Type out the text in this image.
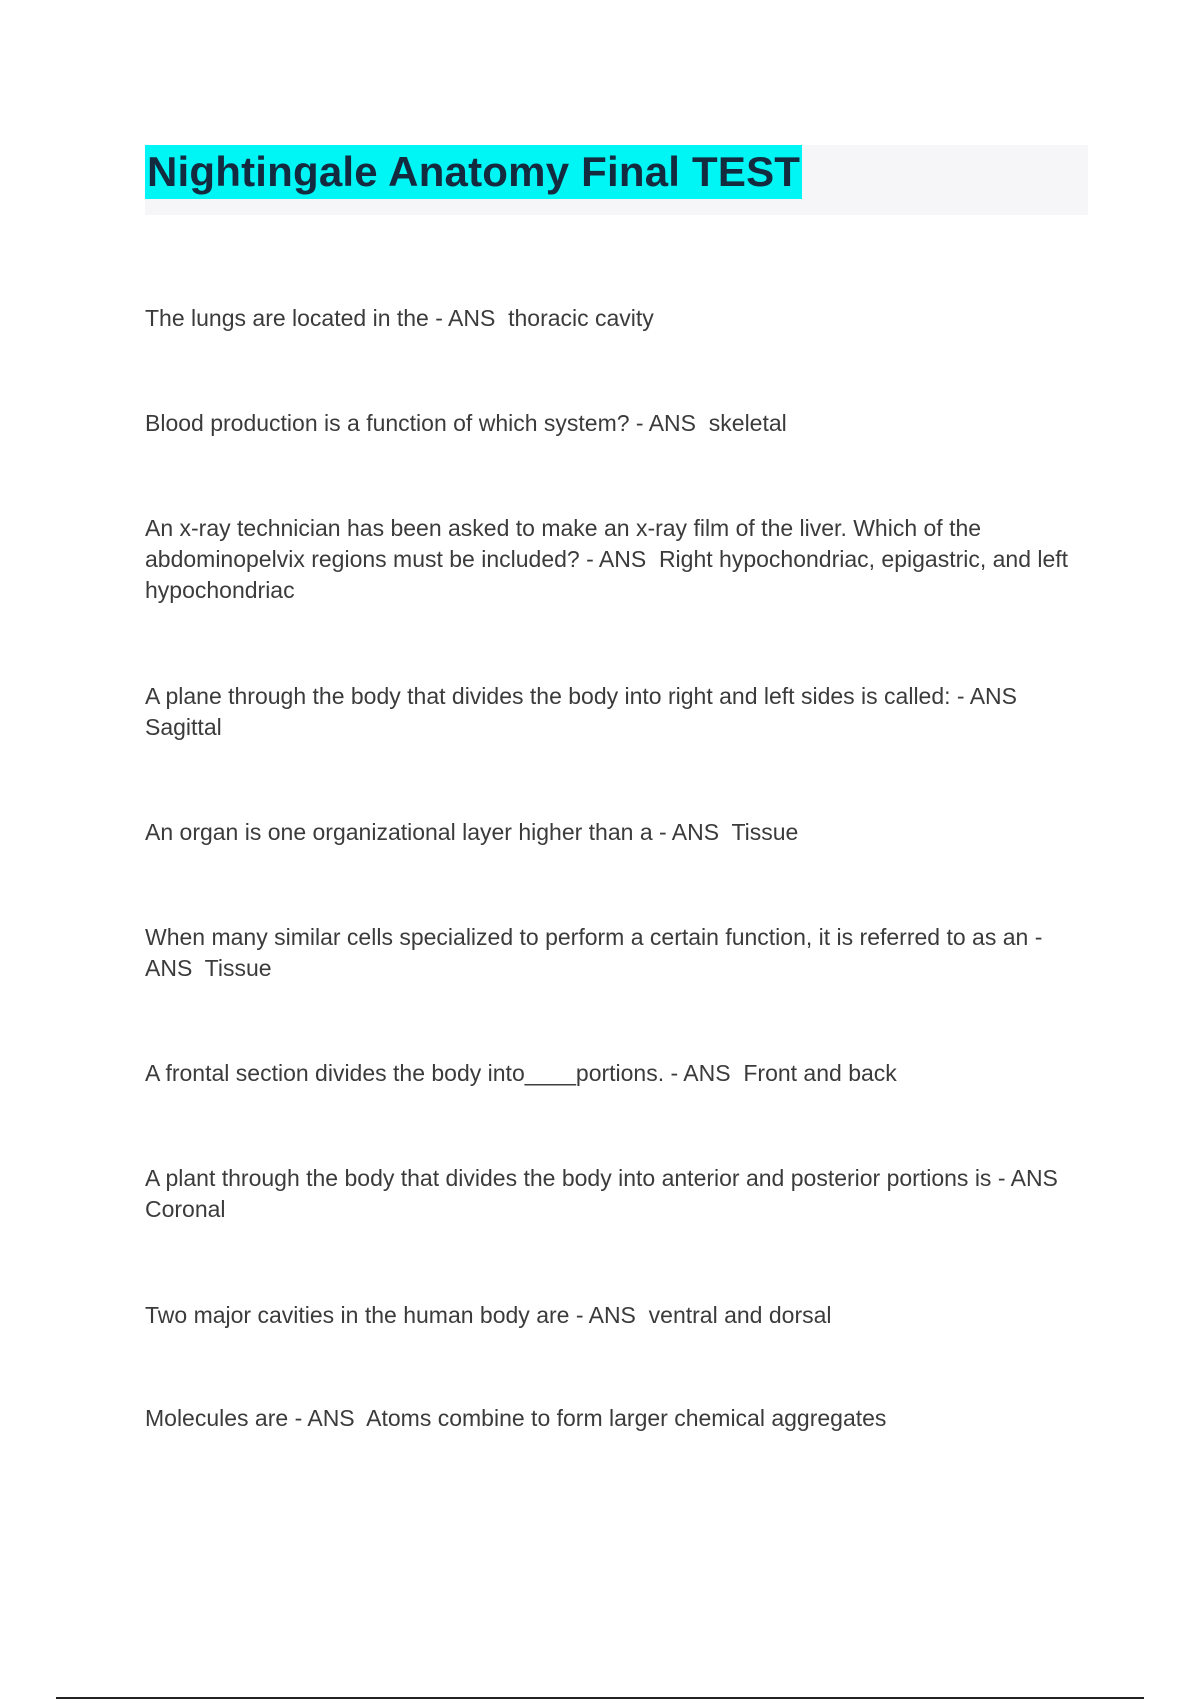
Nightingale Anatomy Final TEST
The lungs are located in the - ANS  thoracic cavity
Blood production is a function of which system? - ANS  skeletal
An x-ray technician has been asked to make an x-ray film of the liver. Which of the abdominopelvix regions must be included? - ANS  Right hypochondriac, epigastric, and left hypochondriac
A plane through the body that divides the body into right and left sides is called: - ANS  Sagittal
An organ is one organizational layer higher than a - ANS  Tissue
When many similar cells specialized to perform a certain function, it is referred to as an - ANS  Tissue
A frontal section divides the body into____portions. - ANS  Front and back
A plant through the body that divides the body into anterior and posterior portions is - ANS  Coronal
Two major cavities in the human body are - ANS  ventral and dorsal
Molecules are - ANS  Atoms combine to form larger chemical aggregates
